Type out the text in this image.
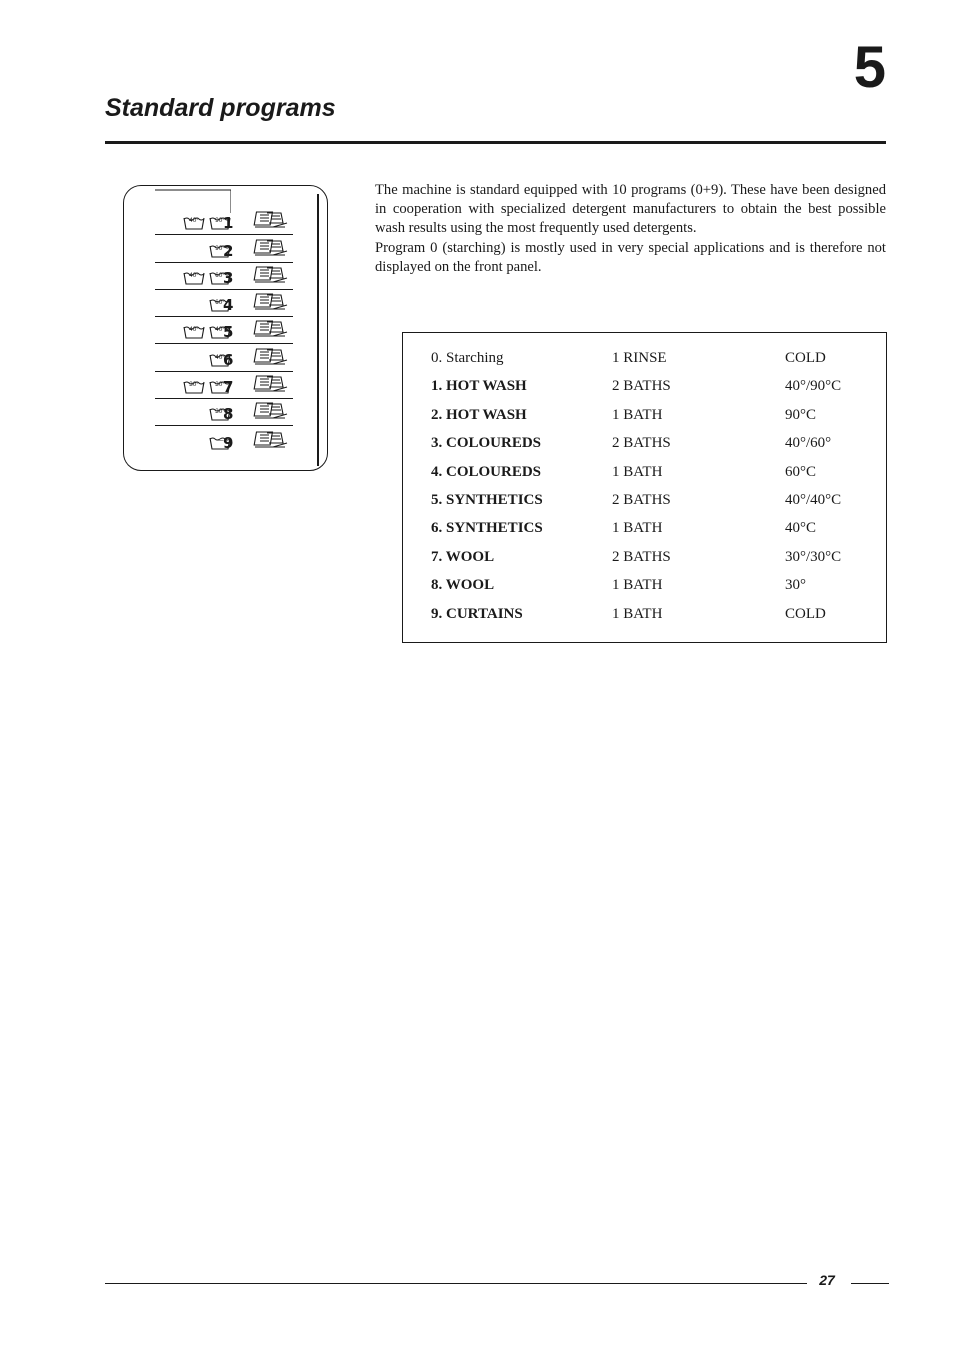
5
Standard programs
40°	90°
1
90°
2
40°	60°
3
60°
4
40°	40°
5
40°
6
30°	30°
7
30°
8
— 9

The machine is standard equipped with 10 programs (0+9). These have been designed in cooperation with specialized detergent manufacturers to obtain the best possible wash results using the most frequently used detergents.

Program 0 (starching) is mostly used in very special applications and is therefore not displayed on the front panel.

0. Starching	1 RINSE	COLD
1. HOT WASH	2 BATHS	40°/90°C
2. HOT WASH	1 BATH	90°C
3. COLOUREDS	2 BATHS	40°/60°
4. COLOUREDS	1 BATH	60°C
5. SYNTHETICS	2 BATHS	40°/40°C
6. SYNTHETICS	1 BATH	40°C
7. WOOL	2 BATHS	30°/30°C
8. WOOL	1 BATH	30°
9. CURTAINS	1 BATH	COLD
27
